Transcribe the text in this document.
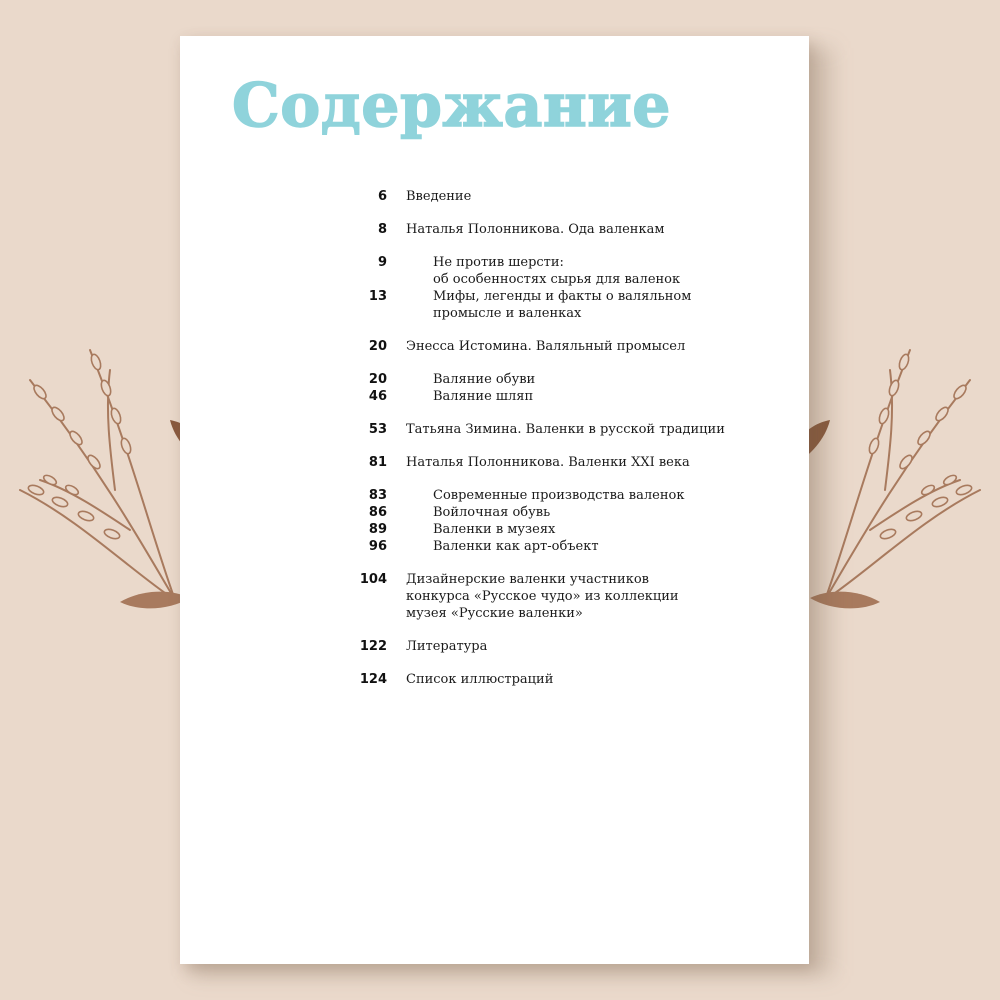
Содержание
6 Введение
8 Наталья Полонникова. Ода валенкам
9	Не против шерсти:
об особенностях сырья для валенок
13	Мифы, легенды и факты о валяльном
промысле и валенках
20 Энесса Истомина. Валяльный промысел
20	Валяние обуви
46	Валяние шляп
53 Татьяна Зимина. Валенки в русской традиции
81 Наталья Полонникова. Валенки XXI века
83	Современные производства валенок
86	Войлочная обувь
89	Валенки в музеях
96	Валенки как арт-объект
104 Дизайнерские валенки участников
конкурса «Русское чудо» из коллекции
музея «Русские валенки»
122 Литература
124 Список иллюстраций
